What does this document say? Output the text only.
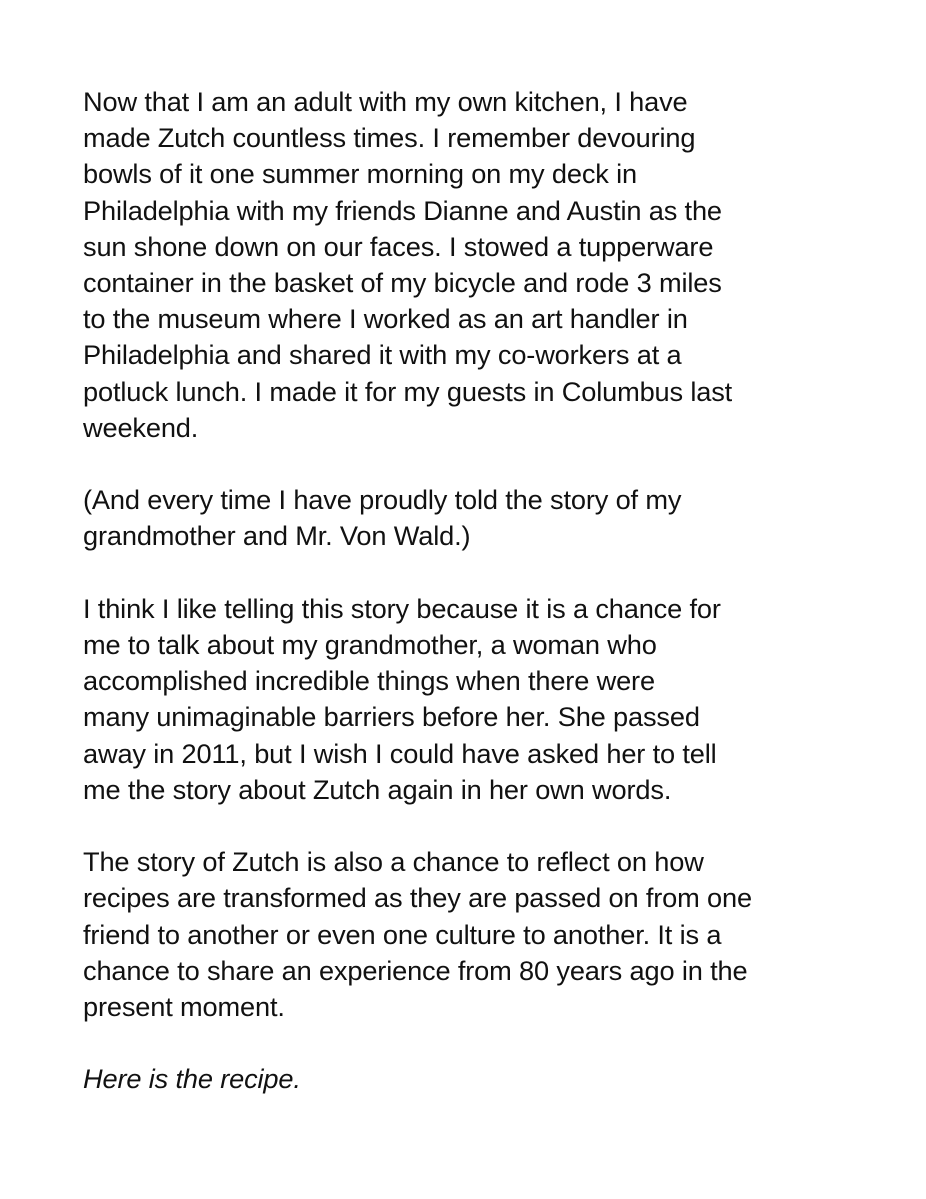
Now that I am an adult with my own kitchen, I have
made Zutch countless times. I remember devouring
bowls of it one summer morning on my deck in
Philadelphia with my friends Dianne and Austin as the
sun shone down on our faces. I stowed a tupperware
container in the basket of my bicycle and rode 3 miles
to the museum where I worked as an art handler in
Philadelphia and shared it with my co-workers at a
potluck lunch. I made it for my guests in Columbus last
weekend.

(And every time I have proudly told the story of my
grandmother and Mr. Von Wald.)

I think I like telling this story because it is a chance for
me to talk about my grandmother, a woman who
accomplished incredible things when there were
many unimaginable barriers before her. She passed
away in 2011, but I wish I could have asked her to tell
me the story about Zutch again in her own words.

The story of Zutch is also a chance to reflect on how
recipes are transformed as they are passed on from one
friend to another or even one culture to another. It is a
chance to share an experience from 80 years ago in the
present moment.

Here is the recipe.
